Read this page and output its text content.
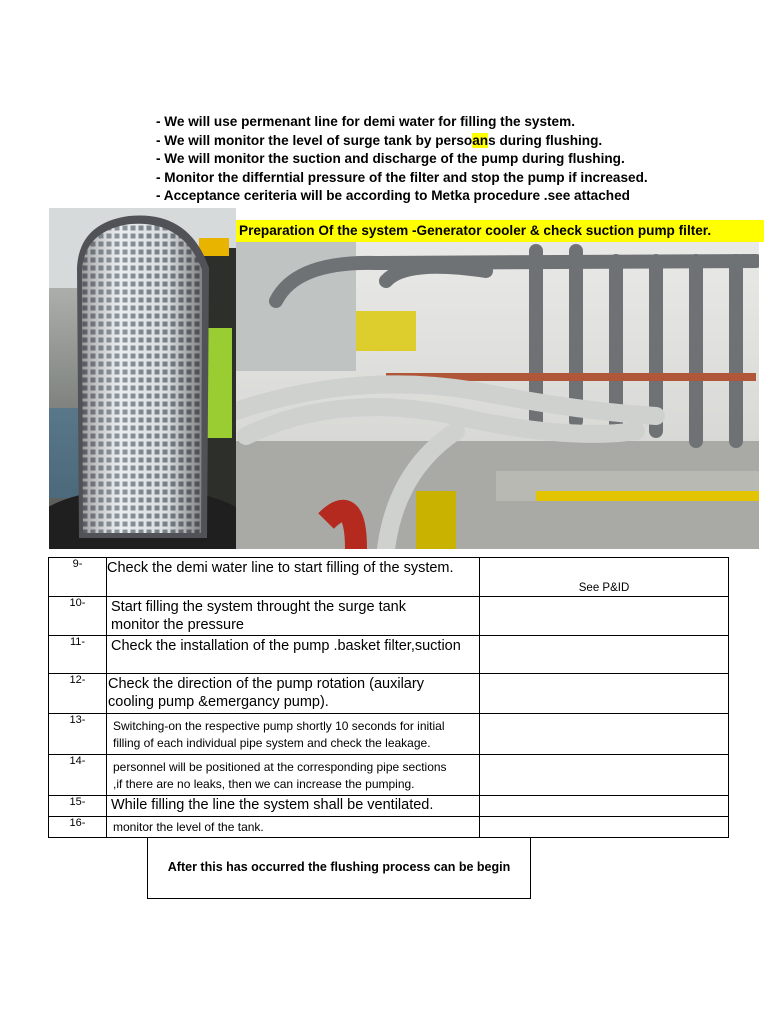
- We will use permenant line for demi water for filling the system.
- We will monitor the level of surge tank by persoans during flushing.
- We will monitor the suction and discharge of the pump during flushing.
- Monitor the differntial pressure of the filter and stop the pump if increased.
- Acceptance ceriteria will be according to Metka procedure .see attached
Preparation Of the system -Generator cooler & check suction pump filter.
9-	Check the demi water line to start filling of the system.	See P&ID
10-	Start filling the system throught the surge tank
monitor the pressure	

11-	Check the installation of the pump .basket filter,suction	

12-	Check the direction of the pump rotation (auxilary
cooling pump &emergancy pump).	

13-	Switching-on the respective pump shortly 10 seconds for initial
filling of each individual pipe system and check the leakage.	

14-	personnel will be positioned at the corresponding pipe sections
,if there are no leaks, then we can increase the pumping.	

15-	While filling the line the system shall be ventilated.	

16-	monitor the level of the tank.	

After this has occurred the flushing process can be begin
